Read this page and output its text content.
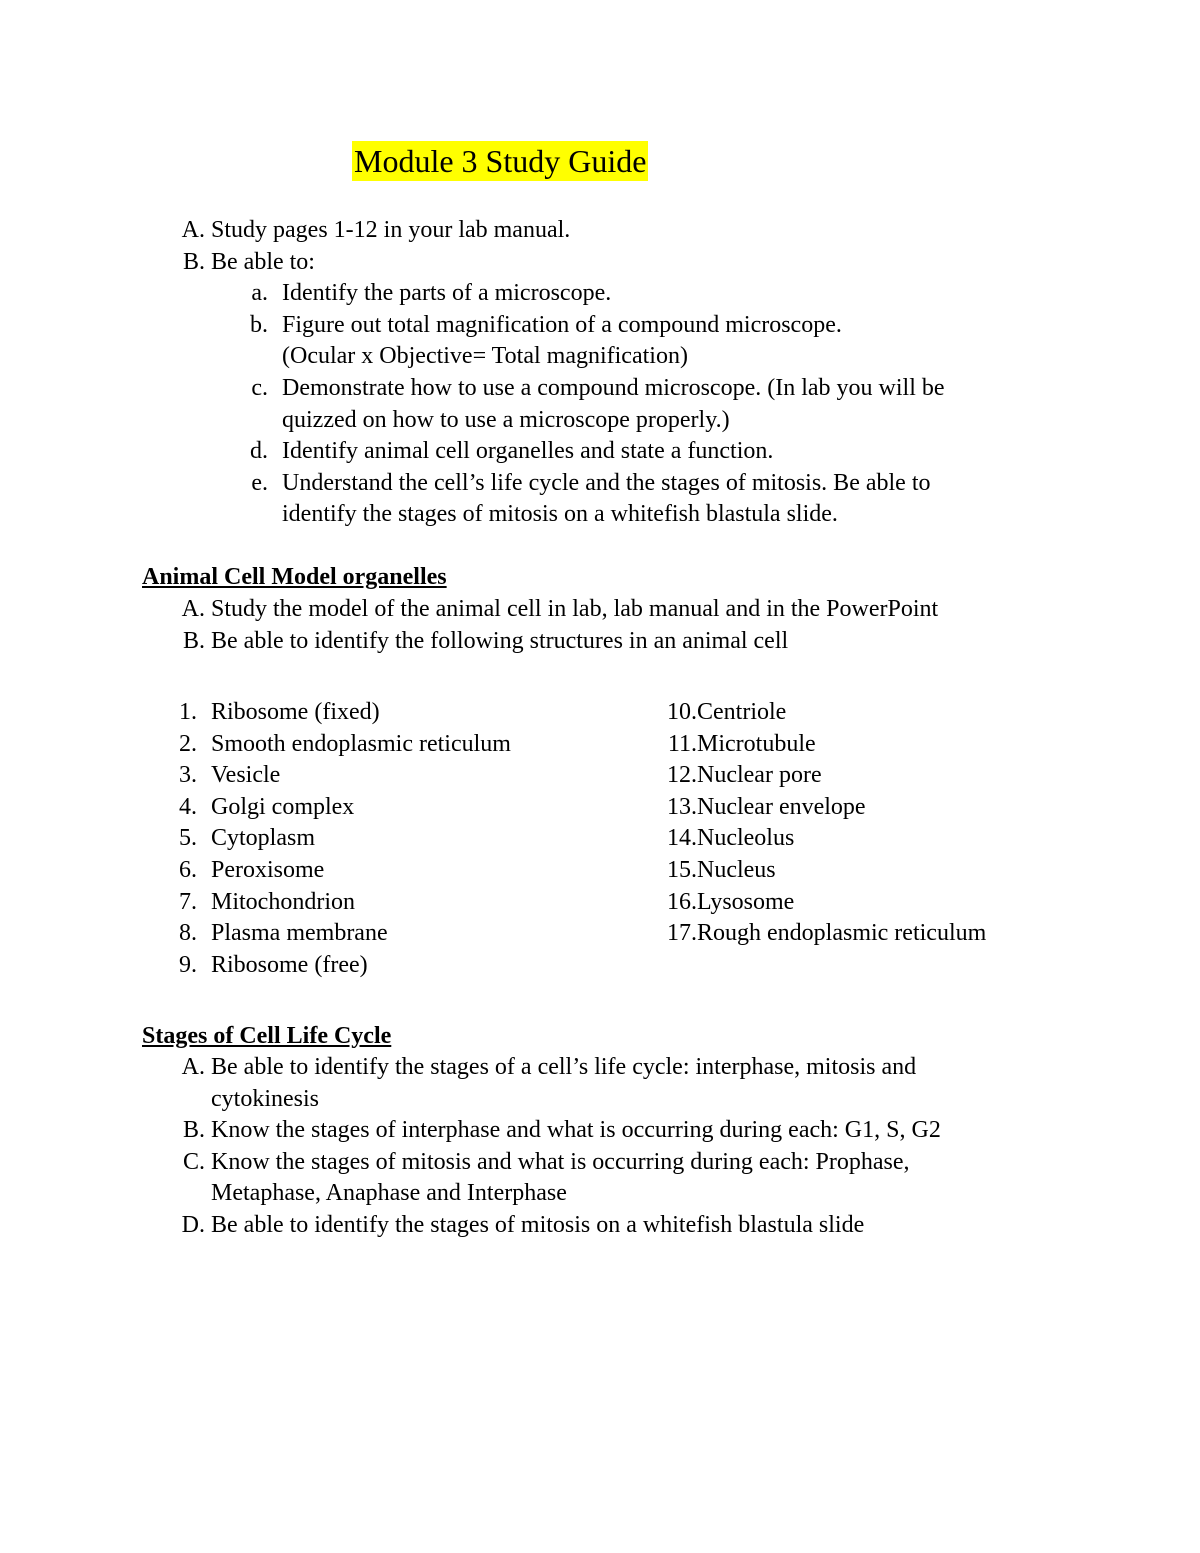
Module 3 Study Guide
A. Study pages 1-12 in your lab manual.
B. Be able to:
a. Identify the parts of a microscope.
b. Figure out total magnification of a compound microscope.
(Ocular x Objective= Total magnification)
c. Demonstrate how to use a compound microscope. (In lab you will be
quizzed on how to use a microscope properly.)
d. Identify animal cell organelles and state a function.
e. Understand the cell’s life cycle and the stages of mitosis. Be able to
identify the stages of mitosis on a whitefish blastula slide.
Animal Cell Model organelles
A. Study the model of the animal cell in lab, lab manual and in the PowerPoint
B. Be able to identify the following structures in an animal cell
1. Ribosome (fixed)
2. Smooth endoplasmic reticulum
3. Vesicle
4. Golgi complex
5. Cytoplasm
6. Peroxisome
7. Mitochondrion
8. Plasma membrane
9. Ribosome (free)
10. Centriole
11. Microtubule
12. Nuclear pore
13. Nuclear envelope
14. Nucleolus
15. Nucleus
16. Lysosome
17. Rough endoplasmic reticulum
Stages of Cell Life Cycle
A. Be able to identify the stages of a cell’s life cycle: interphase, mitosis and
cytokinesis
B. Know the stages of interphase and what is occurring during each: G1, S, G2
C. Know the stages of mitosis and what is occurring during each: Prophase,
Metaphase, Anaphase and Interphase
D. Be able to identify the stages of mitosis on a whitefish blastula slide
